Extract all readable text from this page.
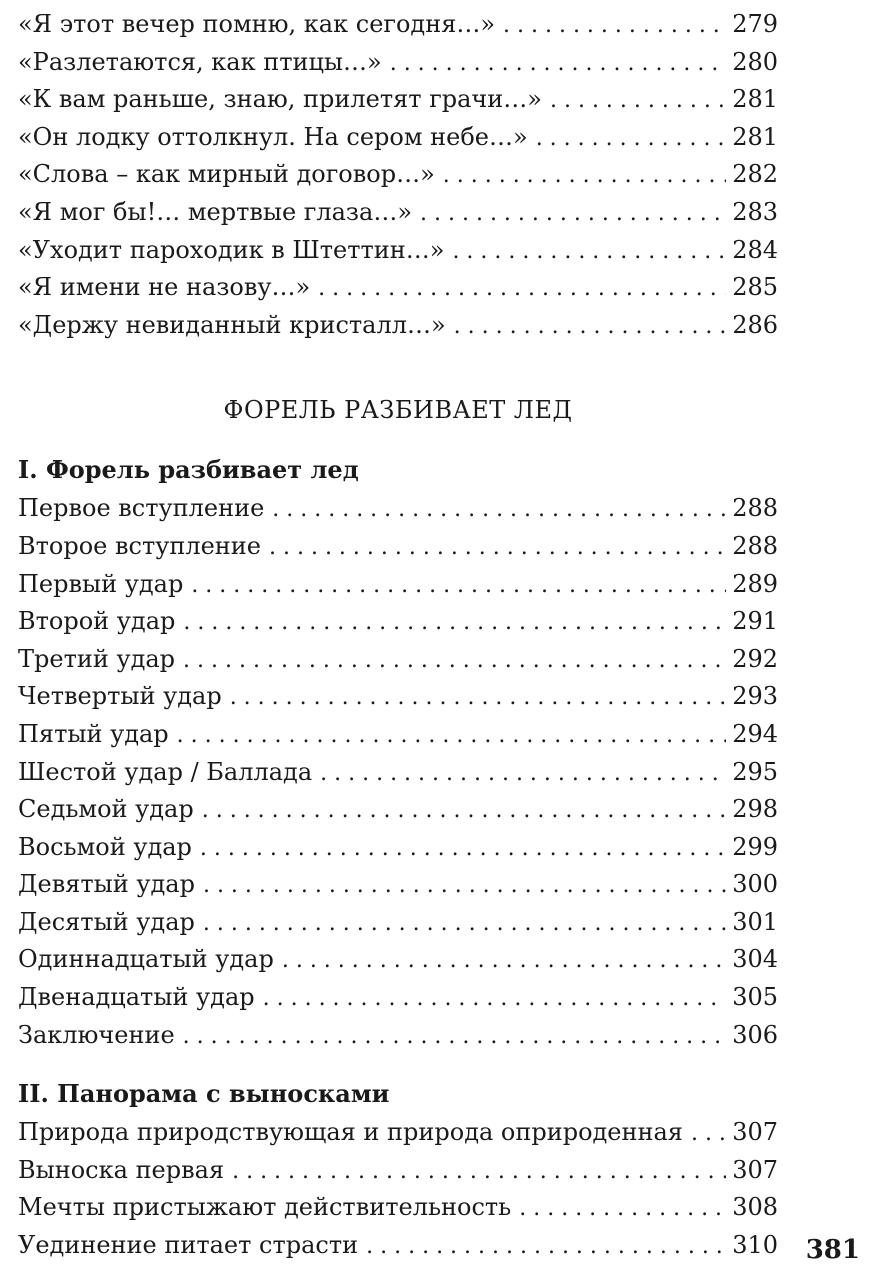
«Я этот вечер помню, как сегодня…» . . .	279
«Разлетаются, как птицы…» . . .	280
«К вам раньше, знаю, прилетят грачи…» . . .	281
«Он лодку оттолкнул. На сером небе…» . . .	281
«Слова – как мирный договор…» . . .	282
«Я мог бы!… мертвые глаза…» . . .	283
«Уходит пароходик в Штеттин…» . . .	284
«Я имени не назову…» . . .	285
«Держу невиданный кристалл…» . . .	286
ФОРЕЛЬ РАЗБИВАЕТ ЛЕД
I. Форель разбивает лед
Первое вступление . . .	288
Второе вступление . . .	288
Первый удар . . .	289
Второй удар . . .	291
Третий удар . . .	292
Четвертый удар . . .	293
Пятый удар . . .	294
Шестой удар / Баллада . . .	295
Седьмой удар . . .	298
Восьмой удар . . .	299
Девятый удар . . .	300
Десятый удар . . .	301
Одиннадцатый удар . . .	304
Двенадцатый удар . . .	305
Заключение . . .	306
II. Панорама с выносками
Природа природствующая и природа оприроденная . . . 307
Выноска первая . . .	307
Мечты пристыжают действительность . . .	308
Уединение питает страсти . . .	310 381
